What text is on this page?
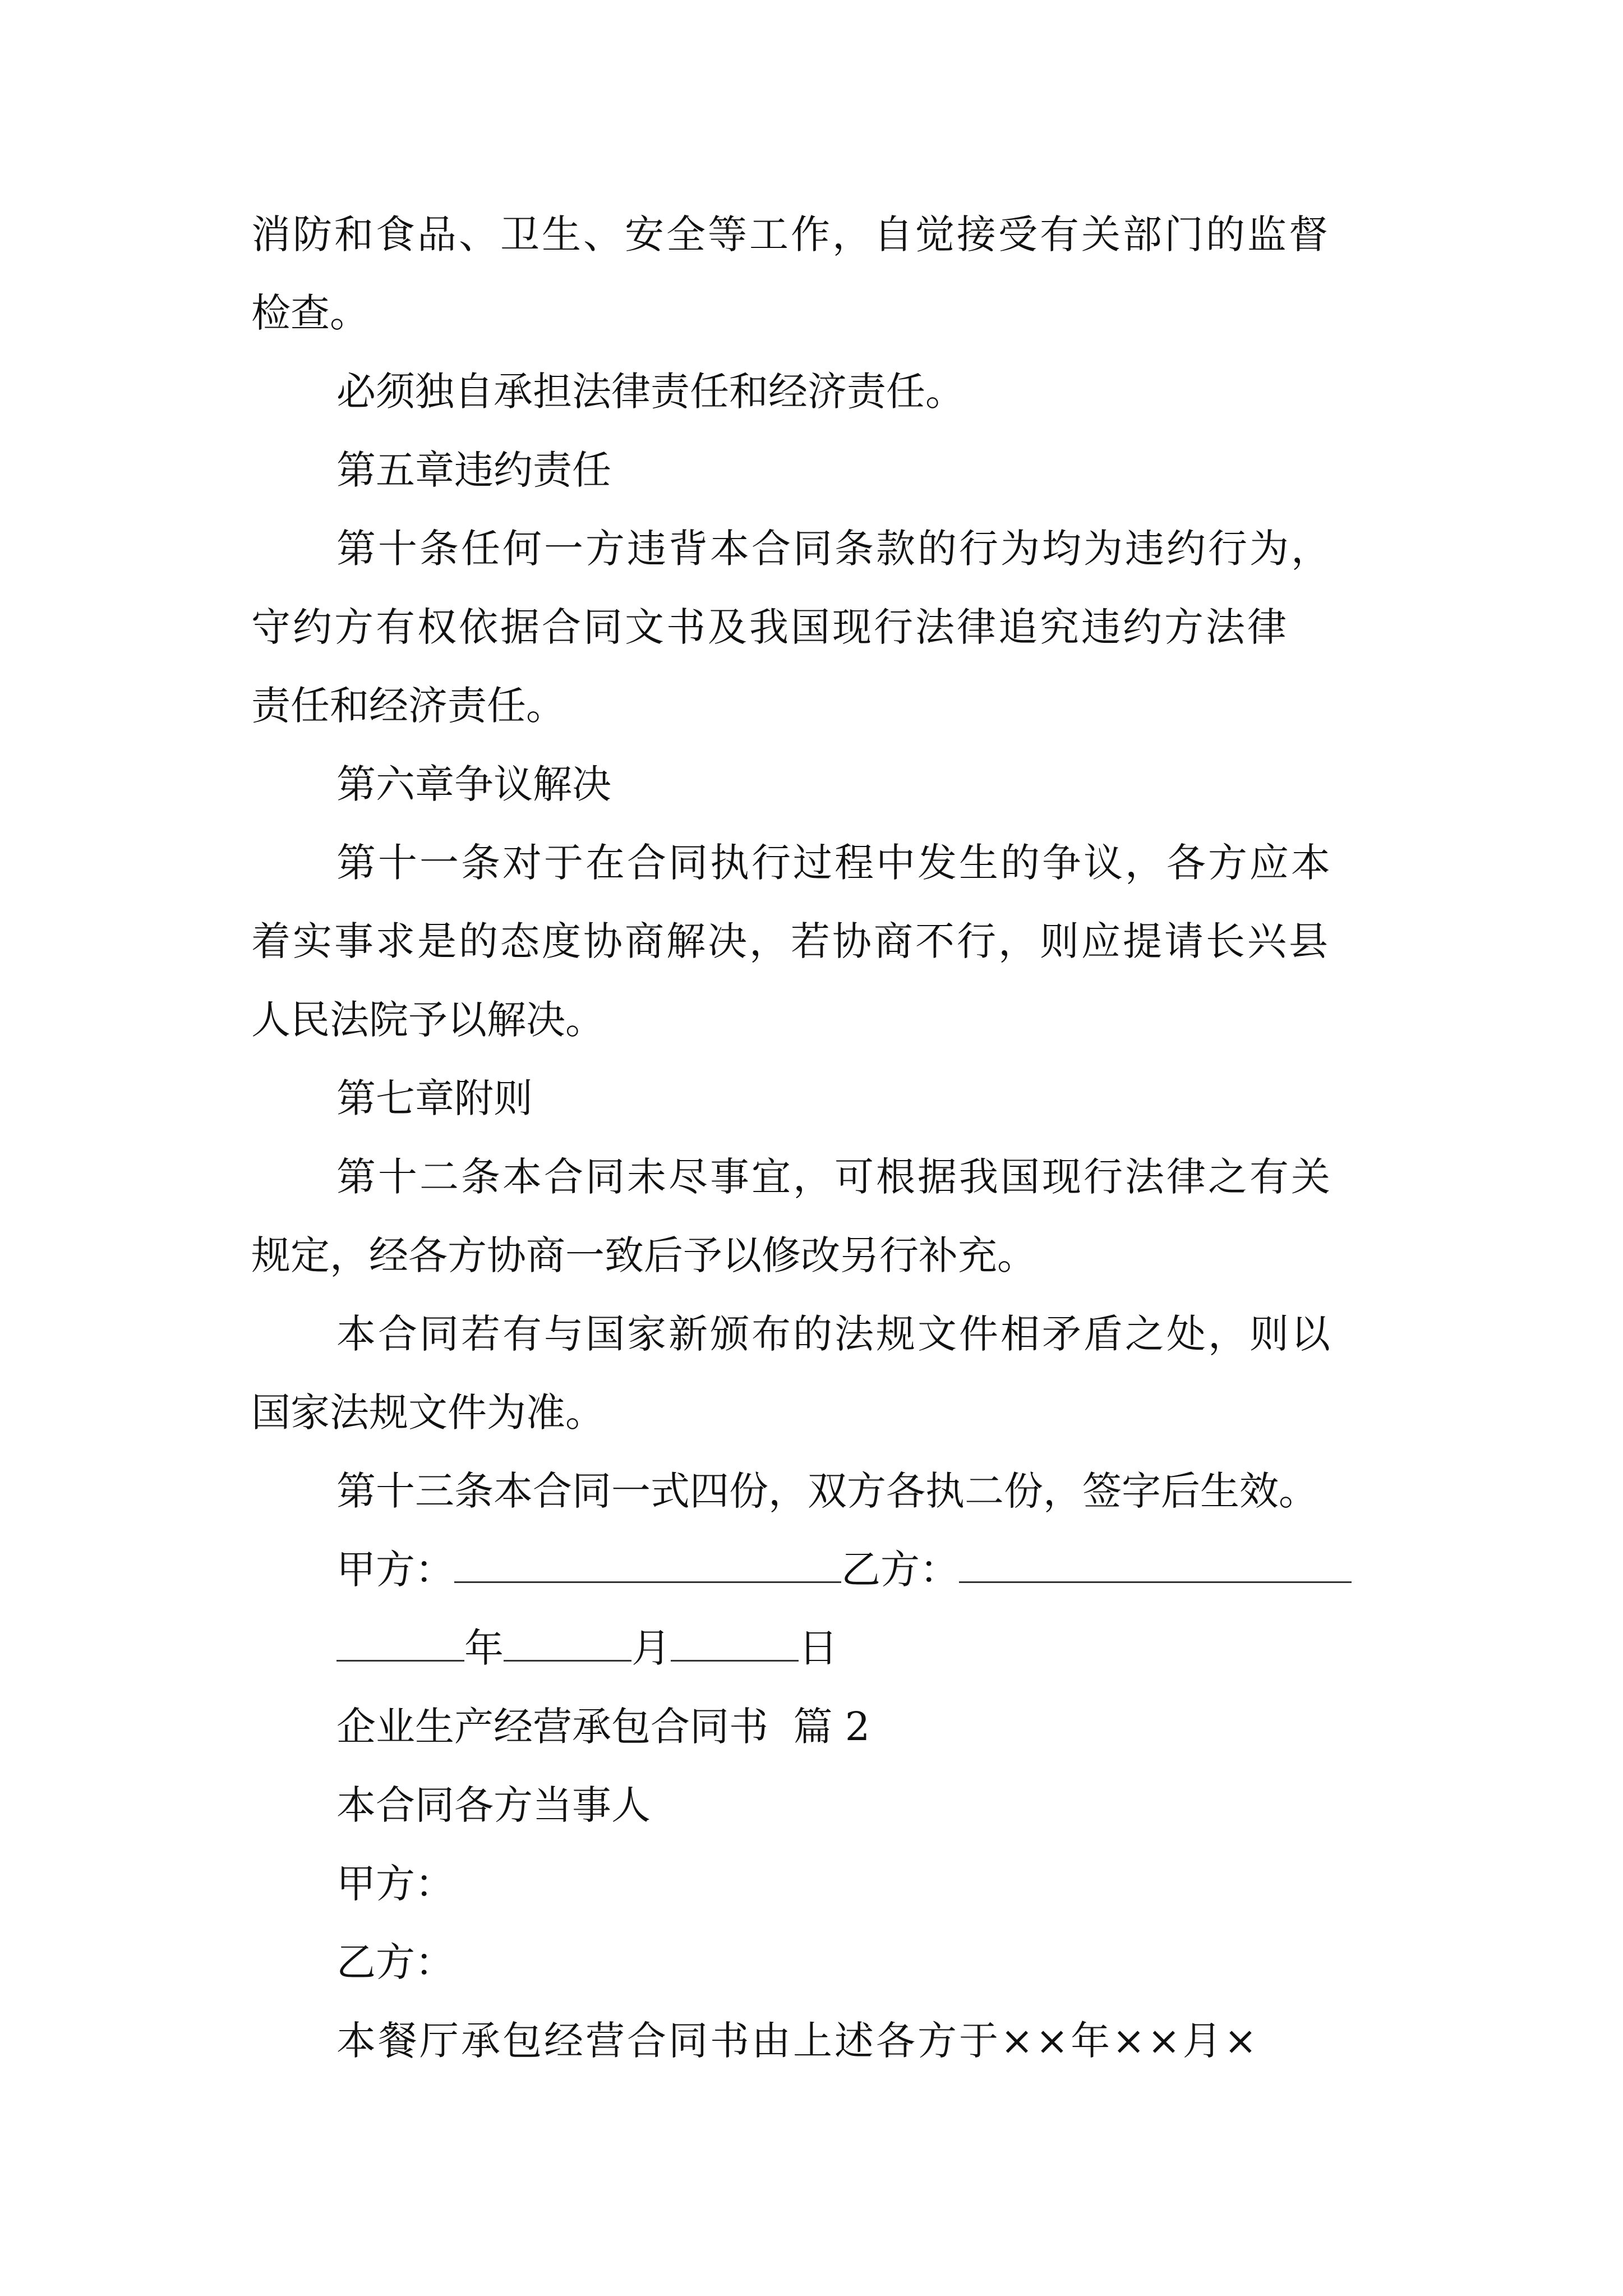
消防和食品、卫生、安全等工作，自觉接受有关部门的监督
检查。
必须独自承担法律责任和经济责任。
第五章违约责任
第十条任何一方违背本合同条款的行为均为违约行为，
守约方有权依据合同文书及我国现行法律追究违约方法律
责任和经济责任。
第六章争议解决
第十一条对于在合同执行过程中发生的争议，各方应本
着实事求是的态度协商解决，若协商不行，则应提请长兴县
人民法院予以解决。
第七章附则
第十二条本合同未尽事宜，可根据我国现行法律之有关
规定，经各方协商一致后予以修改另行补充。
本合同若有与国家新颁布的法规文件相矛盾之处，则以
国家法规文件为准。
第十三条本合同一式四份，双方各执二份，签字后生效。
甲方：	乙方：
年	月	日
企业生产经营承包合同书  篇 2
本合同各方当事人
甲方：
乙方：
本餐厅承包经营合同书由上述各方于××年××月×
